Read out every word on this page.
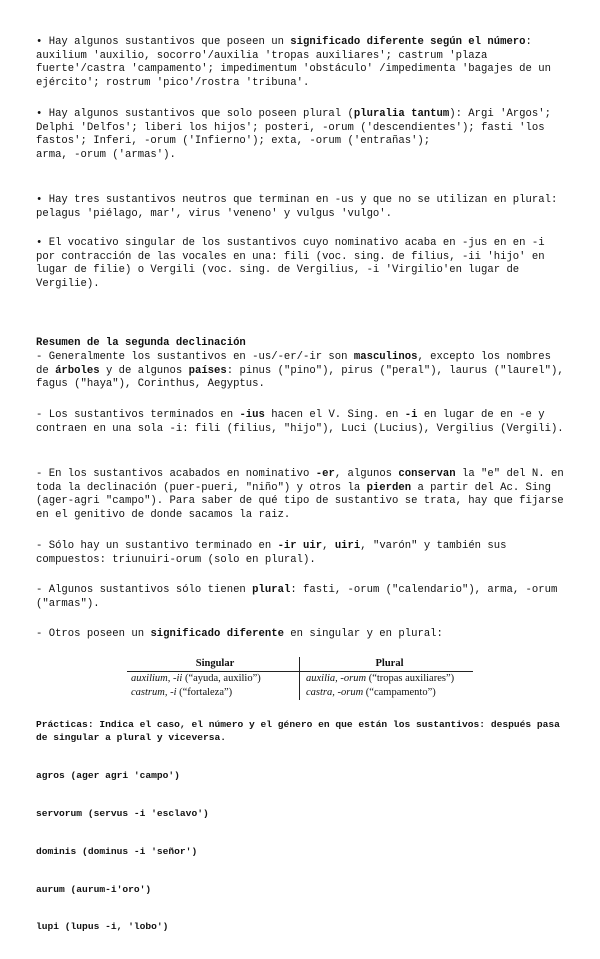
• Hay algunos sustantivos que poseen un significado diferente según el número: auxilium 'auxilio, socorro'/auxilia 'tropas auxiliares'; castrum 'plaza fuerte'/castra 'campamento'; impedimentum 'obstáculo' /impedimenta 'bagajes de un ejército'; rostrum 'pico'/rostra 'tribuna'.

• Hay algunos sustantivos que solo poseen plural (pluralia tantum): Argi 'Argos'; Delphi 'Delfos'; liberi los hijos'; posteri, -orum ('descendientes'); fasti 'los fastos'; Inferi, -orum ('Infierno'); exta, -orum ('entrañas');
arma, -orum ('armas').

• Hay tres sustantivos neutros que terminan en -us y que no se utilizan en plural: pelagus 'piélago, mar', virus 'veneno' y vulgus 'vulgo'.

• El vocativo singular de los sustantivos cuyo nominativo acaba en -jus en en -i por contracción de las vocales en una: fili (voc. sing. de filius, -ii 'hijo' en lugar de filie) o Vergili (voc. sing. de Vergilius, -i 'Virgilio'en lugar de Vergilie).

Resumen de la segunda declinación

- Generalmente los sustantivos en -us/-er/-ir son masculinos, excepto los nombres de árboles y de algunos países: pinus ("pino"), pirus ("peral"), laurus ("laurel"), fagus ("haya"), Corinthus, Aegyptus.

- Los sustantivos terminados en -ius hacen el V. Sing. en -i en lugar de en -e y contraen en una sola -i: fili (filius, "hijo"), Luci (Lucius), Vergilius (Vergili).

- En los sustantivos acabados en nominativo -er, algunos conservan la "e" del N. en toda la declinación (puer-pueri, "niño") y otros la pierden a partir del Ac. Sing (ager-agri "campo"). Para saber de qué tipo de sustantivo se trata, hay que fijarse en el genitivo de donde sacamos la raiz.

- Sólo hay un sustantivo terminado en -ir uir, uiri, "varón" y también sus compuestos: triunuiri-orum (solo en plural).

- Algunos sustantivos sólo tienen plural: fasti, -orum ("calendario"), arma, -orum ("armas").

- Otros poseen un significado diferente en singular y en plural:

Singular	Plural
auxilium, -ii (“ayuda, auxilio”)	auxilia, -orum (“tropas auxiliares”)
castrum, -i (“fortaleza”)	castra, -orum (“campamento”)

Prácticas: Indica el caso, el número y el género en que están los sustantivos: después pasa de singular a plural y viceversa.

agros (ager agri 'campo')

servorum (servus -i 'esclavo')

dominis (dominus -i 'señor')

aurum (aurum-i'oro')

lupi (lupus -i, 'lobo')
